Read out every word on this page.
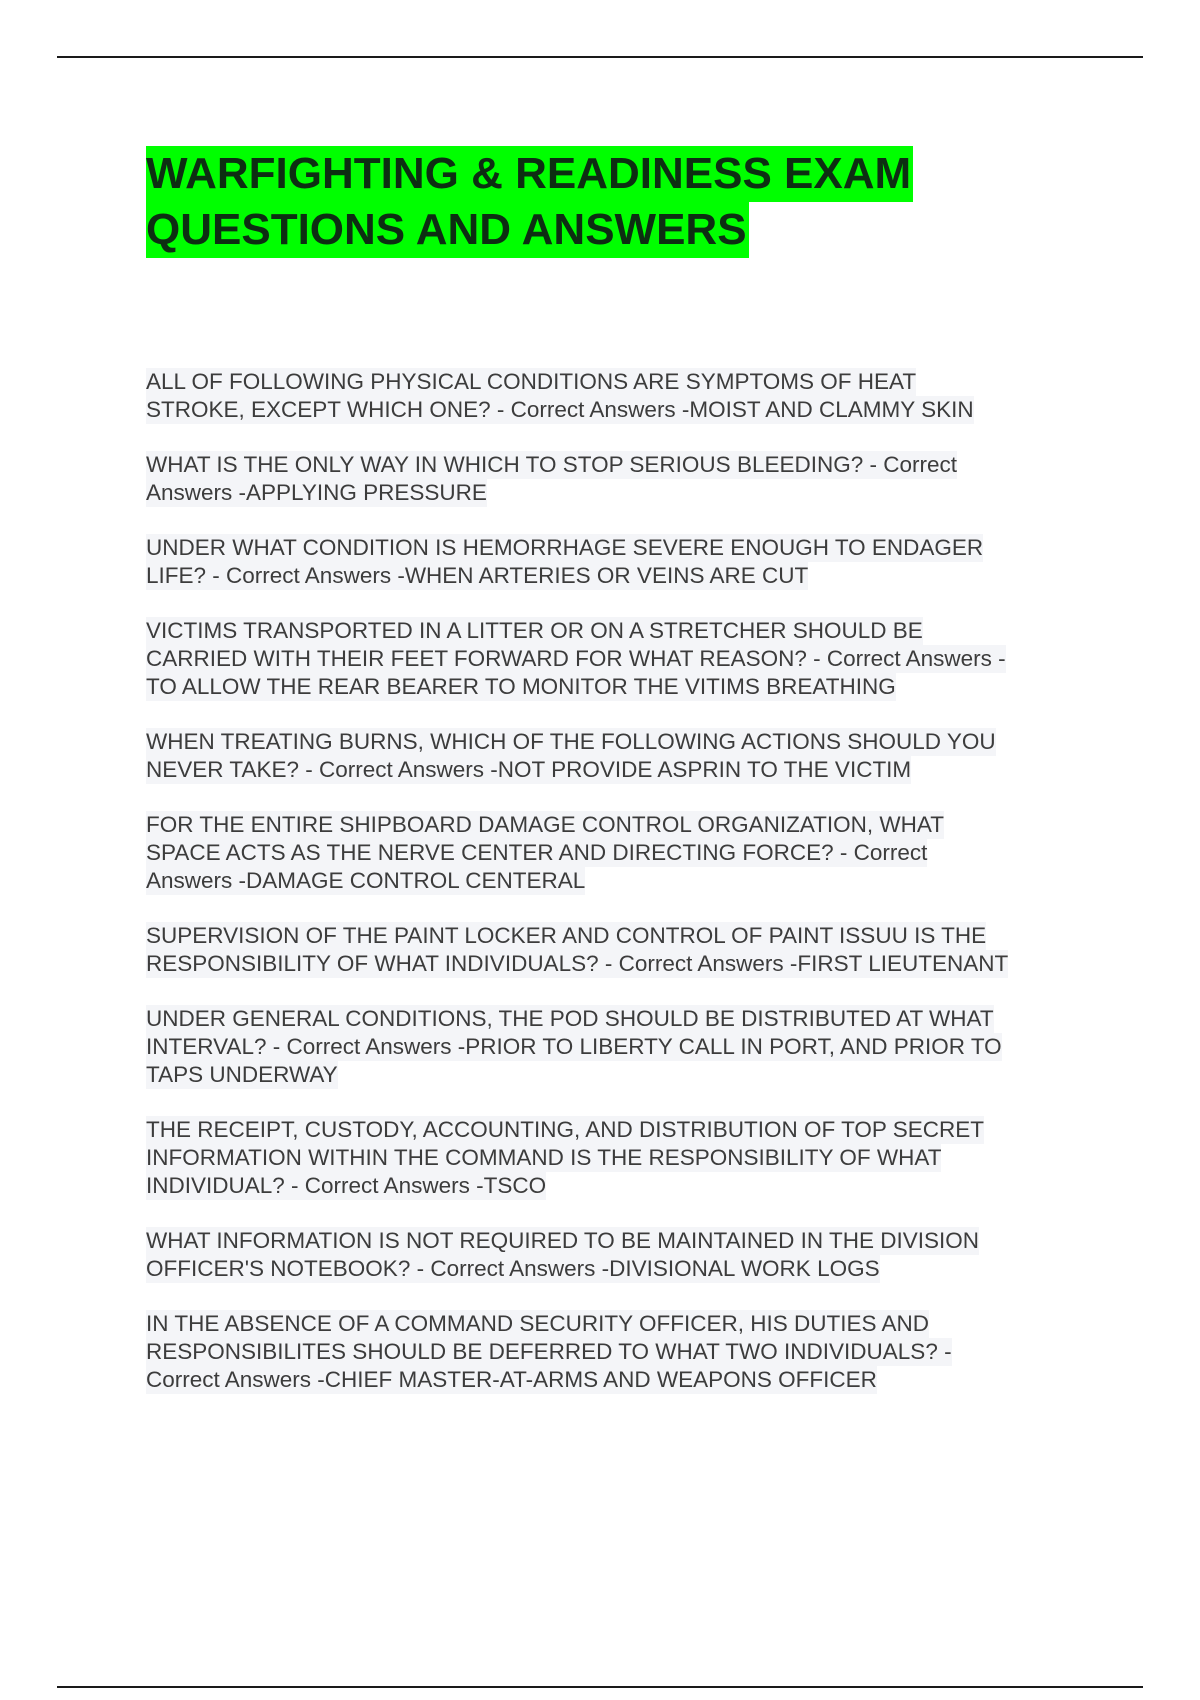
WARFIGHTING & READINESS EXAM
QUESTIONS AND ANSWERS
ALL OF FOLLOWING PHYSICAL CONDITIONS ARE SYMPTOMS OF HEAT
STROKE, EXCEPT WHICH ONE? - Correct Answers -MOIST AND CLAMMY SKIN
WHAT IS THE ONLY WAY IN WHICH TO STOP SERIOUS BLEEDING? - Correct
Answers -APPLYING PRESSURE
UNDER WHAT CONDITION IS HEMORRHAGE SEVERE ENOUGH TO ENDAGER
LIFE? - Correct Answers -WHEN ARTERIES OR VEINS ARE CUT
VICTIMS TRANSPORTED IN A LITTER OR ON A STRETCHER SHOULD BE
CARRIED WITH THEIR FEET FORWARD FOR WHAT REASON? - Correct Answers -
TO ALLOW THE REAR BEARER TO MONITOR THE VITIMS BREATHING
WHEN TREATING BURNS, WHICH OF THE FOLLOWING ACTIONS SHOULD YOU
NEVER TAKE? - Correct Answers -NOT PROVIDE ASPRIN TO THE VICTIM
FOR THE ENTIRE SHIPBOARD DAMAGE CONTROL ORGANIZATION, WHAT
SPACE ACTS AS THE NERVE CENTER AND DIRECTING FORCE? - Correct
Answers -DAMAGE CONTROL CENTERAL
SUPERVISION OF THE PAINT LOCKER AND CONTROL OF PAINT ISSUU IS THE
RESPONSIBILITY OF WHAT INDIVIDUALS? - Correct Answers -FIRST LIEUTENANT
UNDER GENERAL CONDITIONS, THE POD SHOULD BE DISTRIBUTED AT WHAT
INTERVAL? - Correct Answers -PRIOR TO LIBERTY CALL IN PORT, AND PRIOR TO
TAPS UNDERWAY
THE RECEIPT, CUSTODY, ACCOUNTING, AND DISTRIBUTION OF TOP SECRET
INFORMATION WITHIN THE COMMAND IS THE RESPONSIBILITY OF WHAT
INDIVIDUAL? - Correct Answers -TSCO
WHAT INFORMATION IS NOT REQUIRED TO BE MAINTAINED IN THE DIVISION
OFFICER'S NOTEBOOK? - Correct Answers -DIVISIONAL WORK LOGS
IN THE ABSENCE OF A COMMAND SECURITY OFFICER, HIS DUTIES AND
RESPONSIBILITES SHOULD BE DEFERRED TO WHAT TWO INDIVIDUALS? -
Correct Answers -CHIEF MASTER-AT-ARMS AND WEAPONS OFFICER
